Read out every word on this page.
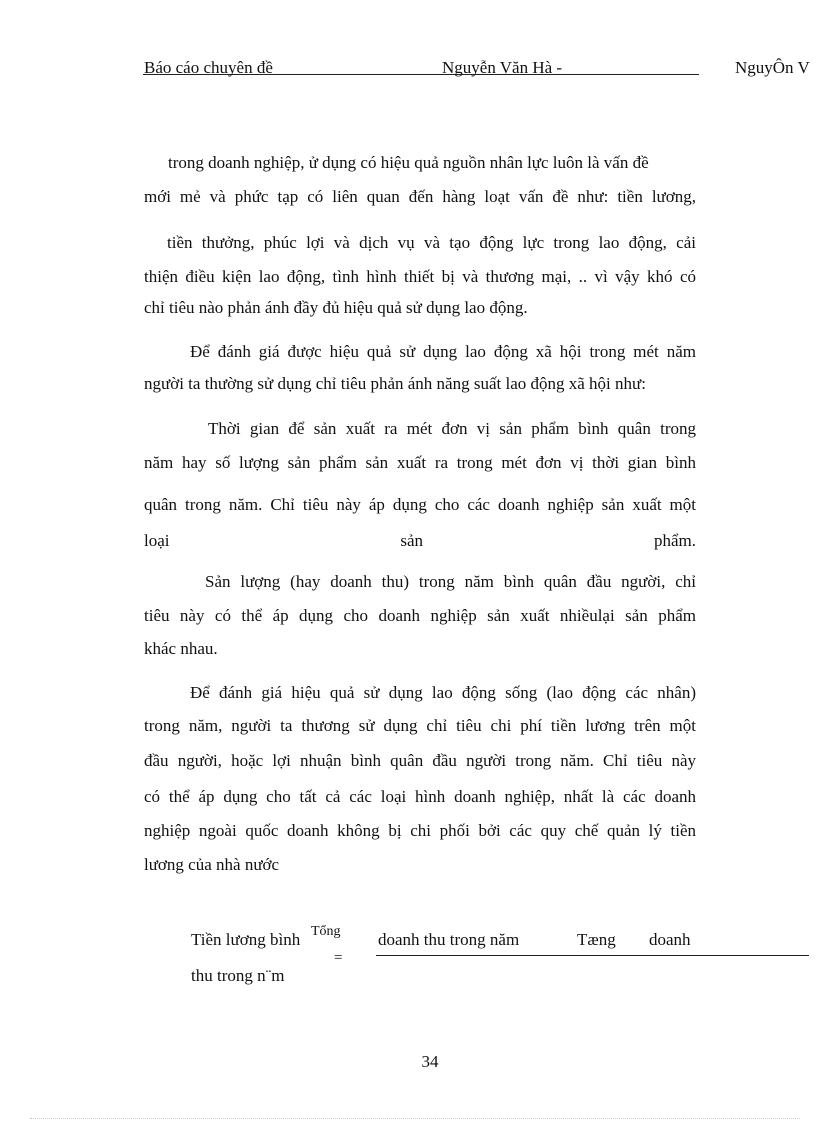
Báo cáo chuyên đề	Nguyễn Văn Hà -	NguyÔn V
trong doanh nghiệp, ử dụng có hiệu quả nguồn nhân lực luôn là vấn đề
mới mẻ và phức tạp có liên quan đến hàng loạt vấn đề như: tiền lương,
tiền thưởng, phúc lợi và dịch vụ và tạo động lực trong lao động, cải
thiện điều kiện lao động, tình hình thiết bị và thương mại, .. vì vậy khó có
chỉ tiêu nào phản ánh đầy đủ hiệu quả sử dụng lao động.
Để đánh giá được hiệu quả sử dụng lao động xã hội trong mét năm
người ta thường sử dụng chỉ tiêu phản ánh năng suất lao động xã hội như:
Thời gian để sản xuất ra mét đơn vị sản phẩm bình quân trong
năm hay số lượng sản phẩm sản xuất ra trong mét đơn vị thời gian bình
quân trong năm. Chỉ tiêu này áp dụng cho các doanh nghiệp sản xuất một
loại	sản	phẩm.
Sản lượng (hay doanh thu) trong năm bình quân đầu người, chỉ
tiêu này có thể áp dụng cho doanh nghiệp sản xuất nhiềulại sản phẩm
khác nhau.
Để đánh giá hiệu quả sử dụng lao động sống (lao động các nhân)
trong năm, người ta thương sử dụng chỉ tiêu chi phí tiền lương trên một
đầu người, hoặc lợi nhuận bình quân đầu người trong năm. Chỉ tiêu này
có thể áp dụng cho tất cả các loại hình doanh nghiệp, nhất là các doanh
nghiệp ngoài quốc doanh không bị chi phối bởi các quy chế quản lý tiền
lương của nhà nước
Tiền lương bình Tổng doanh thu trong năm
=
Tæng doanh
thu trong n¨m
34
